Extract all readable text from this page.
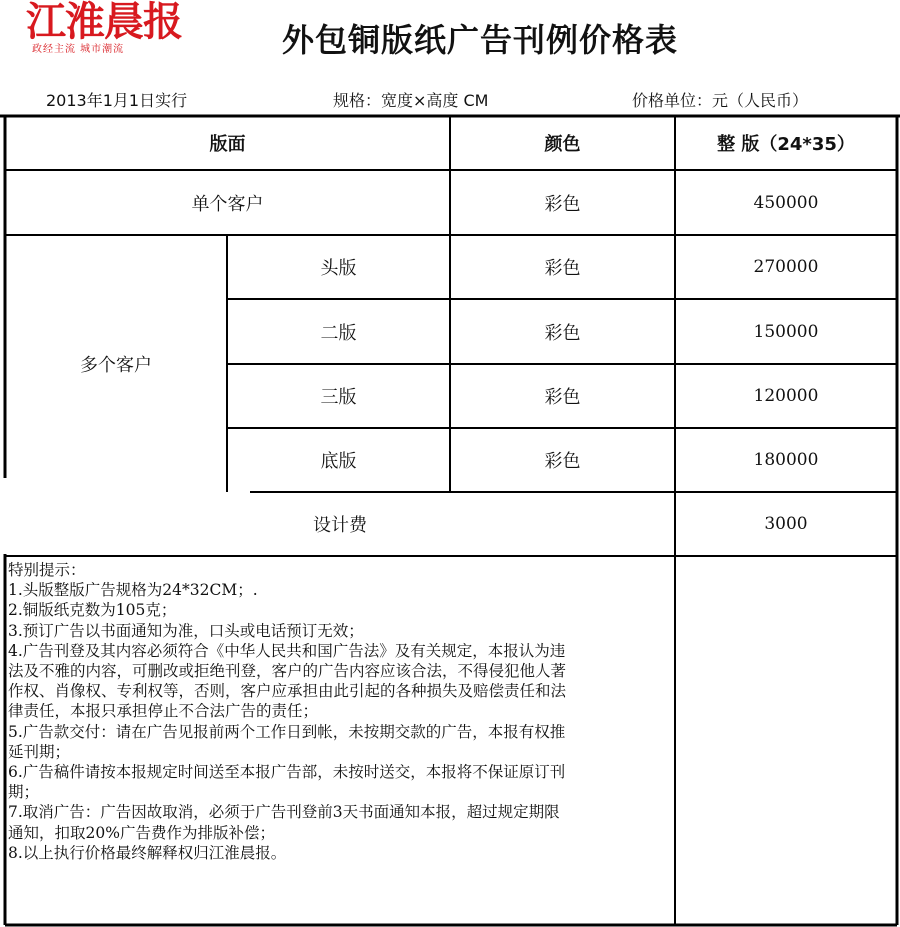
江淮晨报
政经主流 城市潮流	外包铜版纸广告刊例价格表
2013年1月1日实行	规格：宽度×高度 CM	价格单位：元（人民币）
版面	颜色	整 版（24*35）
单个客户	彩色	450000
多个客户
头版	彩色	270000
二版	彩色	150000
三版	彩色	120000
底版	彩色	180000
设计费	3000
特别提示：
1.头版整版广告规格为24*32CM；.
2.铜版纸克数为105克；
3.预订广告以书面通知为准，口头或电话预订无效；
4.广告刊登及其内容必须符合《中华人民共和国广告法》及有关规定，本报认为违
法及不雅的内容，可删改或拒绝刊登，客户的广告内容应该合法，不得侵犯他人著
作权、肖像权、专利权等，否则，客户应承担由此引起的各种损失及赔偿责任和法
律责任，本报只承担停止不合法广告的责任；
5.广告款交付：请在广告见报前两个工作日到帐，未按期交款的广告，本报有权推
延刊期；
6.广告稿件请按本报规定时间送至本报广告部，未按时送交，本报将不保证原订刊
期；
7.取消广告：广告因故取消，必须于广告刊登前3天书面通知本报，超过规定期限
通知，扣取20%广告费作为排版补偿；
8.以上执行价格最终解释权归江淮晨报。
